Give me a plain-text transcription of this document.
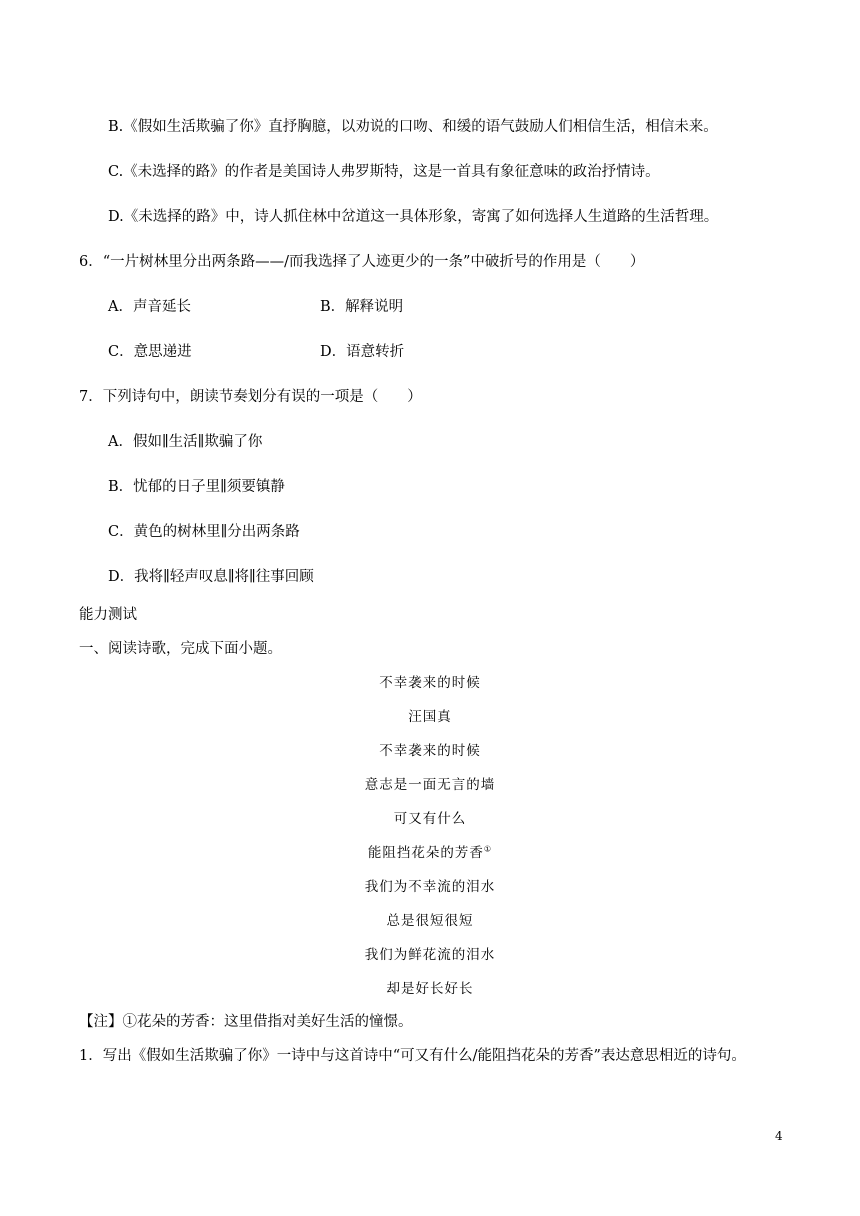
B.《假如生活欺骗了你》直抒胸臆，以劝说的口吻、和缓的语气鼓励人们相信生活，相信未来。
C.《未选择的路》的作者是美国诗人弗罗斯特，这是一首具有象征意味的政治抒情诗。
D.《未选择的路》中，诗人抓住林中岔道这一具体形象，寄寓了如何选择人生道路的生活哲理。
6．“一片树林里分出两条路——/而我选择了人迹更少的一条”中破折号的作用是（　　）
A．声音延长	B．解释说明
C．意思递进	D．语意转折
7．下列诗句中，朗读节奏划分有误的一项是（　　）
A．假如∥生活∥欺骗了你
B．忧郁的日子里∥须要镇静
C．黄色的树林里∥分出两条路
D．我将∥轻声叹息∥将∥往事回顾
能力测试
一、阅读诗歌，完成下面小题。
不幸袭来的时候
汪国真
不幸袭来的时候
意志是一面无言的墙
可又有什么
能阻挡花朵的芳香①
我们为不幸流的泪水
总是很短很短
我们为鲜花流的泪水
却是好长好长
【注】①花朵的芳香：这里借指对美好生活的憧憬。
1．写出《假如生活欺骗了你》一诗中与这首诗中“可又有什么/能阻挡花朵的芳香”表达意思相近的诗句。
4
